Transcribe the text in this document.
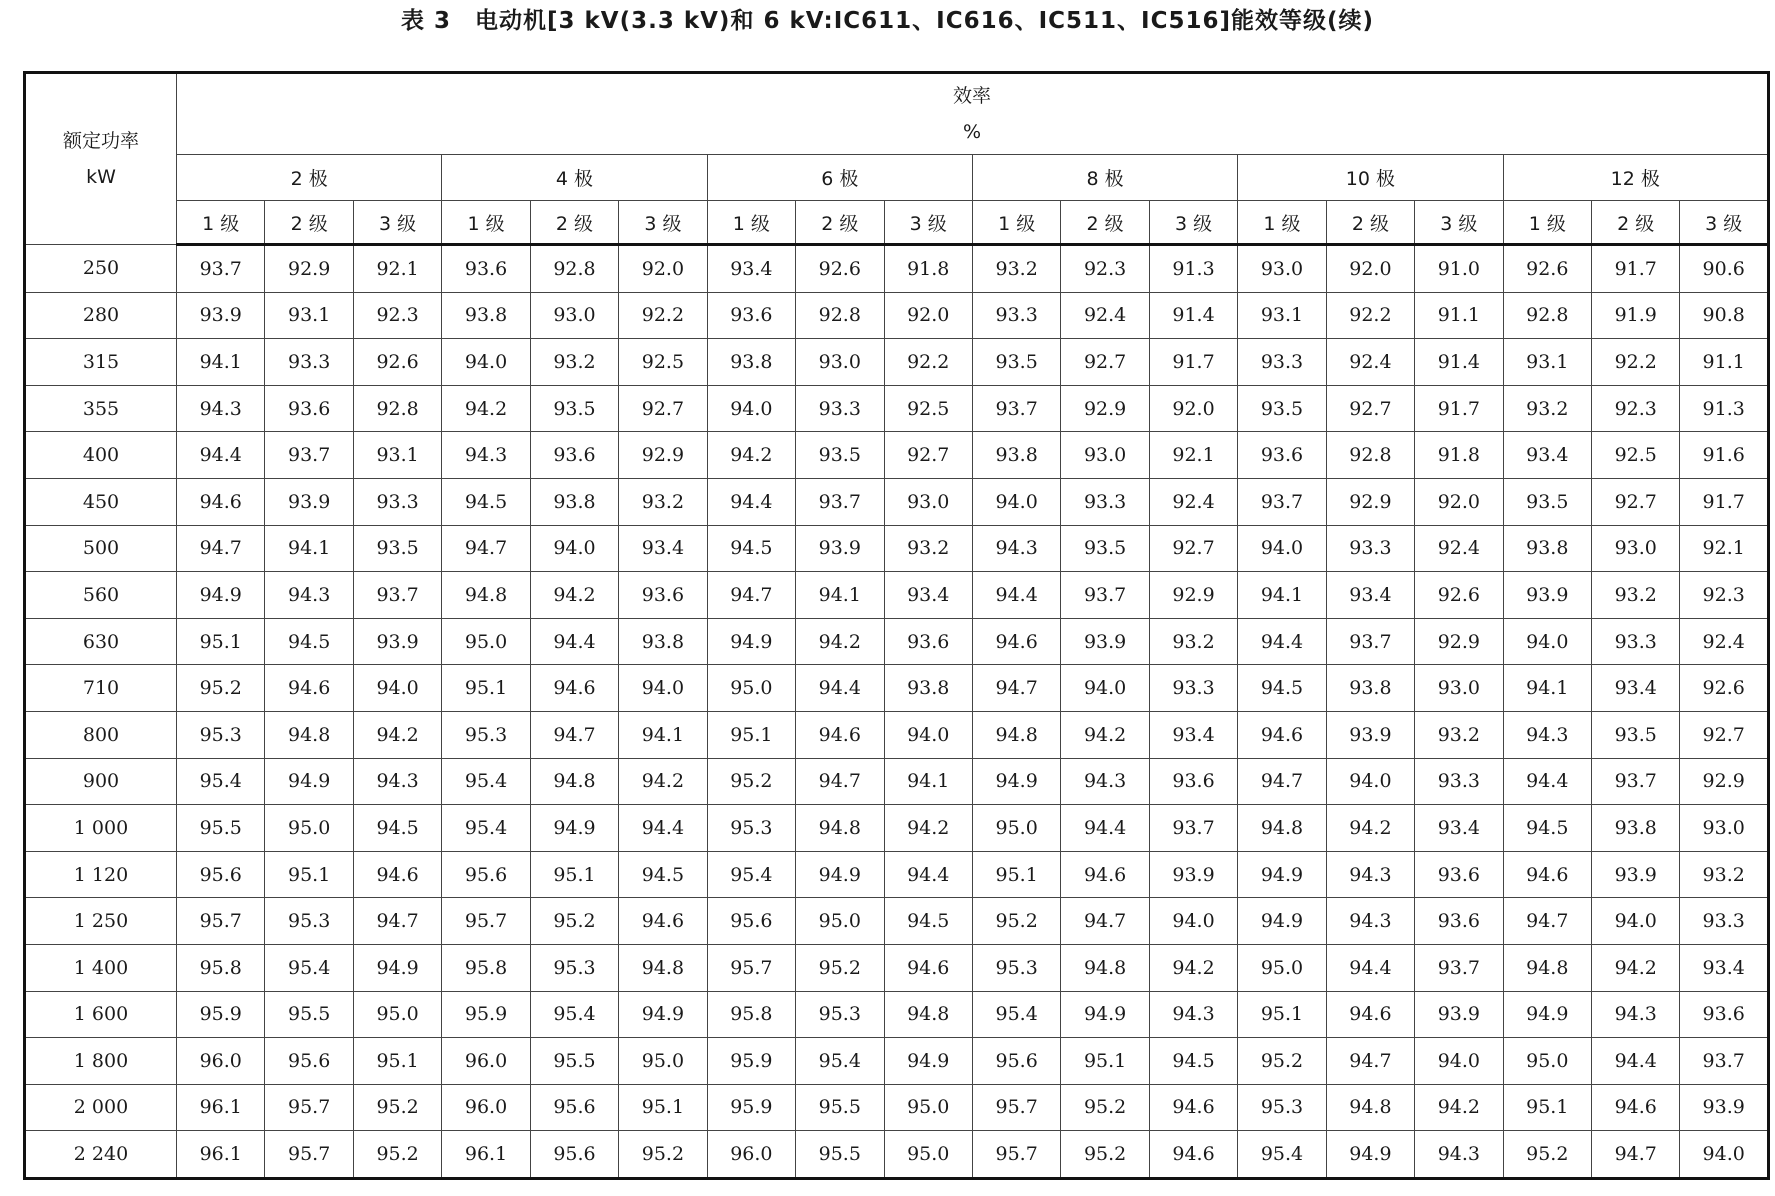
表 3　电动机[3 kV(3.3 kV)和 6 kV:IC611、IC616、IC511、IC516]能效等级(续)
额定功率
kW	效率
%																	
	2 极			4 极			6 极			8 极			10 极			12 极		
	1 级	2 级	3 级	1 级	2 级	3 级	1 级	2 级	3 级	1 级	2 级	3 级	1 级	2 级	3 级	1 级	2 级	3 级
250	93.7	92.9	92.1	93.6	92.8	92.0	93.4	92.6	91.8	93.2	92.3	91.3	93.0	92.0	91.0	92.6	91.7	90.6
280	93.9	93.1	92.3	93.8	93.0	92.2	93.6	92.8	92.0	93.3	92.4	91.4	93.1	92.2	91.1	92.8	91.9	90.8
315	94.1	93.3	92.6	94.0	93.2	92.5	93.8	93.0	92.2	93.5	92.7	91.7	93.3	92.4	91.4	93.1	92.2	91.1
355	94.3	93.6	92.8	94.2	93.5	92.7	94.0	93.3	92.5	93.7	92.9	92.0	93.5	92.7	91.7	93.2	92.3	91.3
400	94.4	93.7	93.1	94.3	93.6	92.9	94.2	93.5	92.7	93.8	93.0	92.1	93.6	92.8	91.8	93.4	92.5	91.6
450	94.6	93.9	93.3	94.5	93.8	93.2	94.4	93.7	93.0	94.0	93.3	92.4	93.7	92.9	92.0	93.5	92.7	91.7
500	94.7	94.1	93.5	94.7	94.0	93.4	94.5	93.9	93.2	94.3	93.5	92.7	94.0	93.3	92.4	93.8	93.0	92.1
560	94.9	94.3	93.7	94.8	94.2	93.6	94.7	94.1	93.4	94.4	93.7	92.9	94.1	93.4	92.6	93.9	93.2	92.3
630	95.1	94.5	93.9	95.0	94.4	93.8	94.9	94.2	93.6	94.6	93.9	93.2	94.4	93.7	92.9	94.0	93.3	92.4
710	95.2	94.6	94.0	95.1	94.6	94.0	95.0	94.4	93.8	94.7	94.0	93.3	94.5	93.8	93.0	94.1	93.4	92.6
800	95.3	94.8	94.2	95.3	94.7	94.1	95.1	94.6	94.0	94.8	94.2	93.4	94.6	93.9	93.2	94.3	93.5	92.7
900	95.4	94.9	94.3	95.4	94.8	94.2	95.2	94.7	94.1	94.9	94.3	93.6	94.7	94.0	93.3	94.4	93.7	92.9
1 000	95.5	95.0	94.5	95.4	94.9	94.4	95.3	94.8	94.2	95.0	94.4	93.7	94.8	94.2	93.4	94.5	93.8	93.0
1 120	95.6	95.1	94.6	95.6	95.1	94.5	95.4	94.9	94.4	95.1	94.6	93.9	94.9	94.3	93.6	94.6	93.9	93.2
1 250	95.7	95.3	94.7	95.7	95.2	94.6	95.6	95.0	94.5	95.2	94.7	94.0	94.9	94.3	93.6	94.7	94.0	93.3
1 400	95.8	95.4	94.9	95.8	95.3	94.8	95.7	95.2	94.6	95.3	94.8	94.2	95.0	94.4	93.7	94.8	94.2	93.4
1 600	95.9	95.5	95.0	95.9	95.4	94.9	95.8	95.3	94.8	95.4	94.9	94.3	95.1	94.6	93.9	94.9	94.3	93.6
1 800	96.0	95.6	95.1	96.0	95.5	95.0	95.9	95.4	94.9	95.6	95.1	94.5	95.2	94.7	94.0	95.0	94.4	93.7
2 000	96.1	95.7	95.2	96.0	95.6	95.1	95.9	95.5	95.0	95.7	95.2	94.6	95.3	94.8	94.2	95.1	94.6	93.9
2 240	96.1	95.7	95.2	96.1	95.6	95.2	96.0	95.5	95.0	95.7	95.2	94.6	95.4	94.9	94.3	95.2	94.7	94.0
